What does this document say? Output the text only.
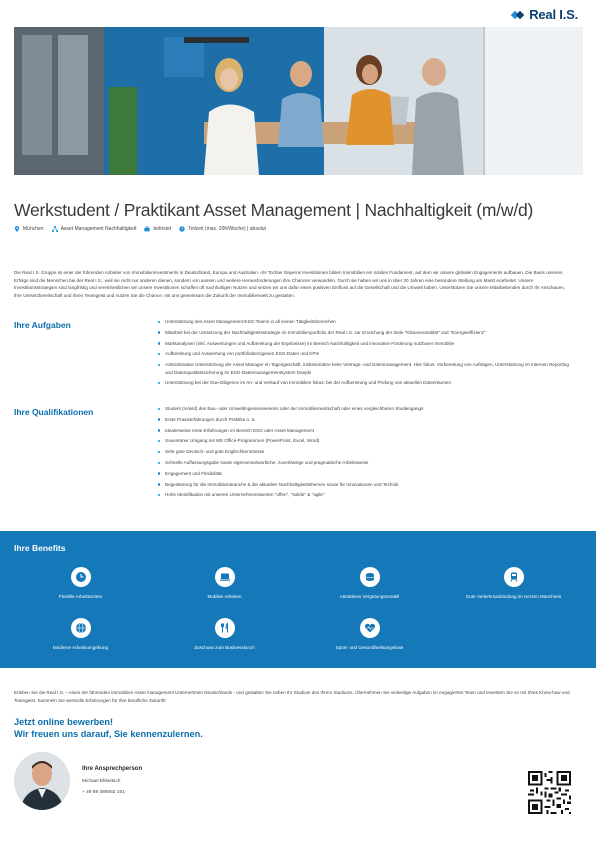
Real I.S.
Werkstudent / Praktikant Asset Management | Nachhaltigkeit (m/w/d)
München	Asset Management Nachhaltigkeit	befristet	Teilzeit (max. 20h/Woche) | absolut

Die Real I.S. Gruppe ist einer der führenden Anbieter von Immobilieninvestments in Deutschland, Europa und Australien. Als Tochter Bayerns Investitionen bilden Immobilien ein solides Fundament, auf dem wir unsere globalen Engagements aufbauen. Die Basis unseres Erfolgs sind die Menschen bei der Real I.S., weil sie nicht nur anderen dienen, sondern von aussen und weitere Herausforderungen ihre Chancen verwandeln. Durch sie haben wir uns in über 30 Jahren eine besondere Stellung am Markt erarbeitet. Unsere Investitionsstrategien sind langfristig und vereinheitlichen wir unsere Investitionen schaffen oft nachhaltigen Nutzen und setzen wir uns dafür einen positiven Einfluss auf die Gesellschaft und die Umwelt haben. Unterstützen Sie unsere Mitarbeitenden durch Ihr Anschauen, Ihre Umsetzbereitschaft und Ihren Teamgeist und nutzen Sie die Chance, mit uns gemeinsam die Zukunft der Immobilienwelt zu gestalten.

Ihre Aufgaben	Unterstützung des Asset Management-ESG-Teams in all seinen Tätigkeitsbereichen
Mitarbeit bei der Umsetzung der Nachhaltigkeitsstrategie im Immobilienportfolio der Real I.S. zur Erreichung der Ziele "Klimaneutralität" und "Energieeffizienz"
Marktanalysen (inkl. Auswertungen und Aufbereitung der Ergebnisse) im Bereich Nachhaltigkeit und innovative Förderung nutzbarer Immobilie
Aufbereitung und Auswertung von portfoliobezogenen ESG-Daten und KPIs
Administrative Unterstützung der Asset Manager im Tagesgeschäft, insbesondere beim Vertrags- und Datenmanagement. Hier fokus: Vorbereitung von Aufträgen, Unterstützung im internen Reporting und Datenqualitätssicherung im ESG-Datenmanagementsystem Deepki
Unterstützung bei der Due-Diligence im An- und Verkauf von Immobilien fokus: bei der Aufbereitung und Prüfung von aktuellen Datenräumen
Ihre Qualifikationen	Student (m/w/d) des Bau- oder Umweltingenieurwesens oder der Immobilienwirtschaft oder eines vergleichbaren Studiengangs
Erste Praxiserfahrungen durch Praktika o. ä.
Idealerweise erste Erfahrungen im Bereich ESG oder Asset Management
Souveräner Umgang mit MS Office-Programmen (PowerPoint, Excel, Word)
Sehr gute Deutsch- und gute Englischkenntnisse
Schnelle Auffassungsgabe sowie eigenverantwortliche, zuverlässige und pragmatische Arbeitsweise
Engagement und Flexibilität
Begeisterung für die Immobilienbranche & die aktuellen Nachhaltigkeitsthemen sowie für Innovationen und Technik
Hohe Identifikation mit unseren Unternehmenswerten "offen", "solide" & "agile"
Ihre Benefits
Flexible Arbeitszeiten	Mobiles Arbeiten	Attraktives Vergütungsmodell	Gute Verkehrsanbindung im Herzen Münchens
Moderne Arbeitsumgebung	Zuschuss zum Businesslunch	Sport- und Gesundheitsangebote

Erleben Sie die Real I.S. – eines der führenden immobilien Asset management Unternehmen Deutschlands - und gestalten Sie neben Ihr Studium des Ihrem Studiums. Übernehmen Sie vielseitige Aufgaben im engagierten Team und erweitern Sie so mit Ihres Know-how und Teamgeist. Sammeln Sie wertvolle Erfahrungen für Ihre berufliche Zukunft!

Jetzt online bewerben!
Wir freuen uns darauf, Sie kennenzulernen.
Ihre Ansprechperson
Michael Ekkeitsch
+ 49 89 489082 161
